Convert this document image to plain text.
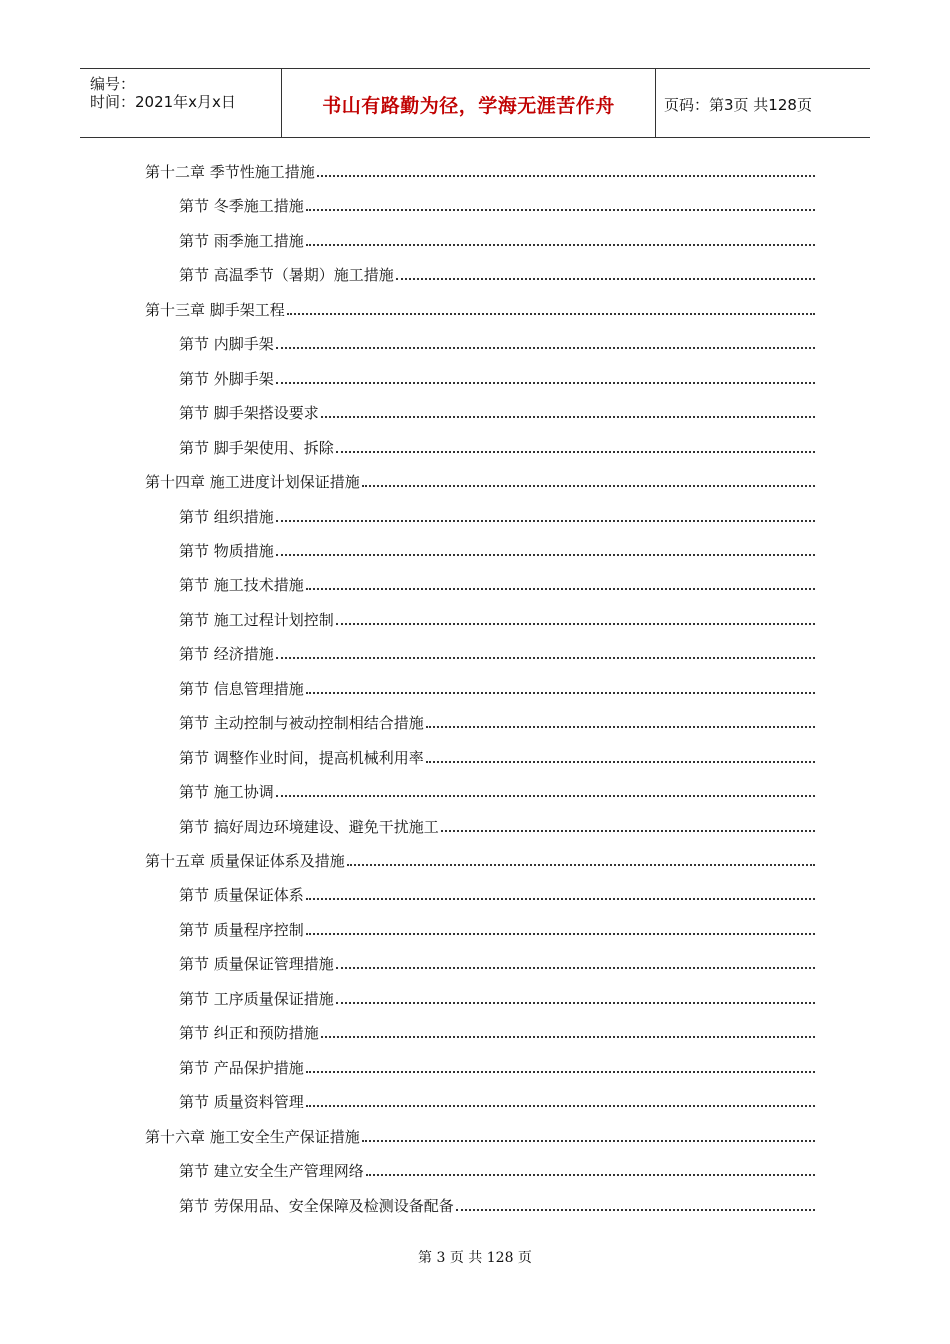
编号：
时间：2021年x月x日	书山有路勤为径，学海无涯苦作舟	页码：第3页 共128页
第十二章 季节性施工措施
第节 冬季施工措施
第节 雨季施工措施
第节 高温季节（暑期）施工措施
第十三章 脚手架工程
第节 内脚手架
第节 外脚手架
第节 脚手架搭设要求
第节 脚手架使用、拆除
第十四章 施工进度计划保证措施
第节 组织措施
第节 物质措施
第节 施工技术措施
第节 施工过程计划控制
第节 经济措施
第节 信息管理措施
第节 主动控制与被动控制相结合措施
第节 调整作业时间，提高机械利用率
第节 施工协调
第节 搞好周边环境建设、避免干扰施工
第十五章 质量保证体系及措施
第节 质量保证体系
第节 质量程序控制
第节 质量保证管理措施
第节 工序质量保证措施
第节 纠正和预防措施
第节 产品保护措施
第节 质量资料管理
第十六章 施工安全生产保证措施
第节 建立安全生产管理网络
第节 劳保用品、安全保障及检测设备配备
第 3 页 共 128 页
